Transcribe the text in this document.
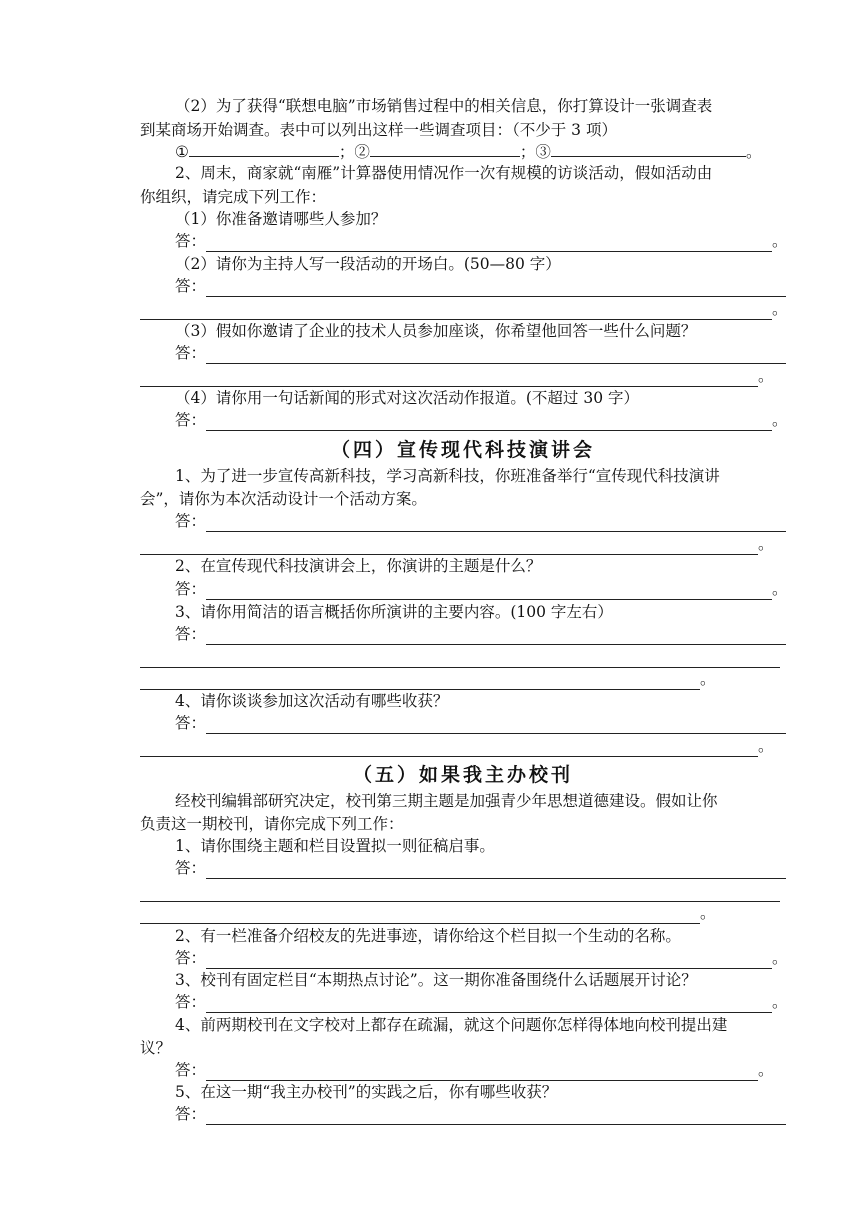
（2）为了获得“联想电脑”市场销售过程中的相关信息，你打算设计一张调查表
到某商场开始调查。表中可以列出这样一些调查项目：（不少于 3 项）
2、周末，商家就“南雁”计算器使用情况作一次有规模的访谈活动，假如活动由
你组织，请完成下列工作：
（1）你准备邀请哪些人参加？
（2）请你为主持人写一段活动的开场白。(50—80 字）
（3）假如你邀请了企业的技术人员参加座谈，你希望他回答一些什么问题？
（4）请你用一句话新闻的形式对这次活动作报道。(不超过 30 字）
1、为了进一步宣传高新科技，学习高新科技，你班准备举行“宣传现代科技演讲
会”，请你为本次活动设计一个活动方案。
2、在宣传现代科技演讲会上，你演讲的主题是什么？
3、请你用简洁的语言概括你所演讲的主要内容。(100 字左右）
4、请你谈谈参加这次活动有哪些收获？
经校刊编辑部研究决定，校刊第三期主题是加强青少年思想道德建设。假如让你
负责这一期校刊，请你完成下列工作：
1、请你围绕主题和栏目设置拟一则征稿启事。
2、有一栏准备介绍校友的先进事迹，请你给这个栏目拟一个生动的名称。
3、校刊有固定栏目“本期热点讨论”。这一期你准备围绕什么话题展开讨论？
4、前两期校刊在文字校对上都存在疏漏，就这个问题你怎样得体地向校刊提出建
议？
5、在这一期“我主办校刊”的实践之后，你有哪些收获？
（四）宣传现代科技演讲会
（五）如果我主办校刊
①	；②	；③	。
答：	。
答：
。
答：
。
答：	。
答：
。
答：	。
答：
。
答：
。
答：
。
答：	。
答：	。
答：	。
答：
